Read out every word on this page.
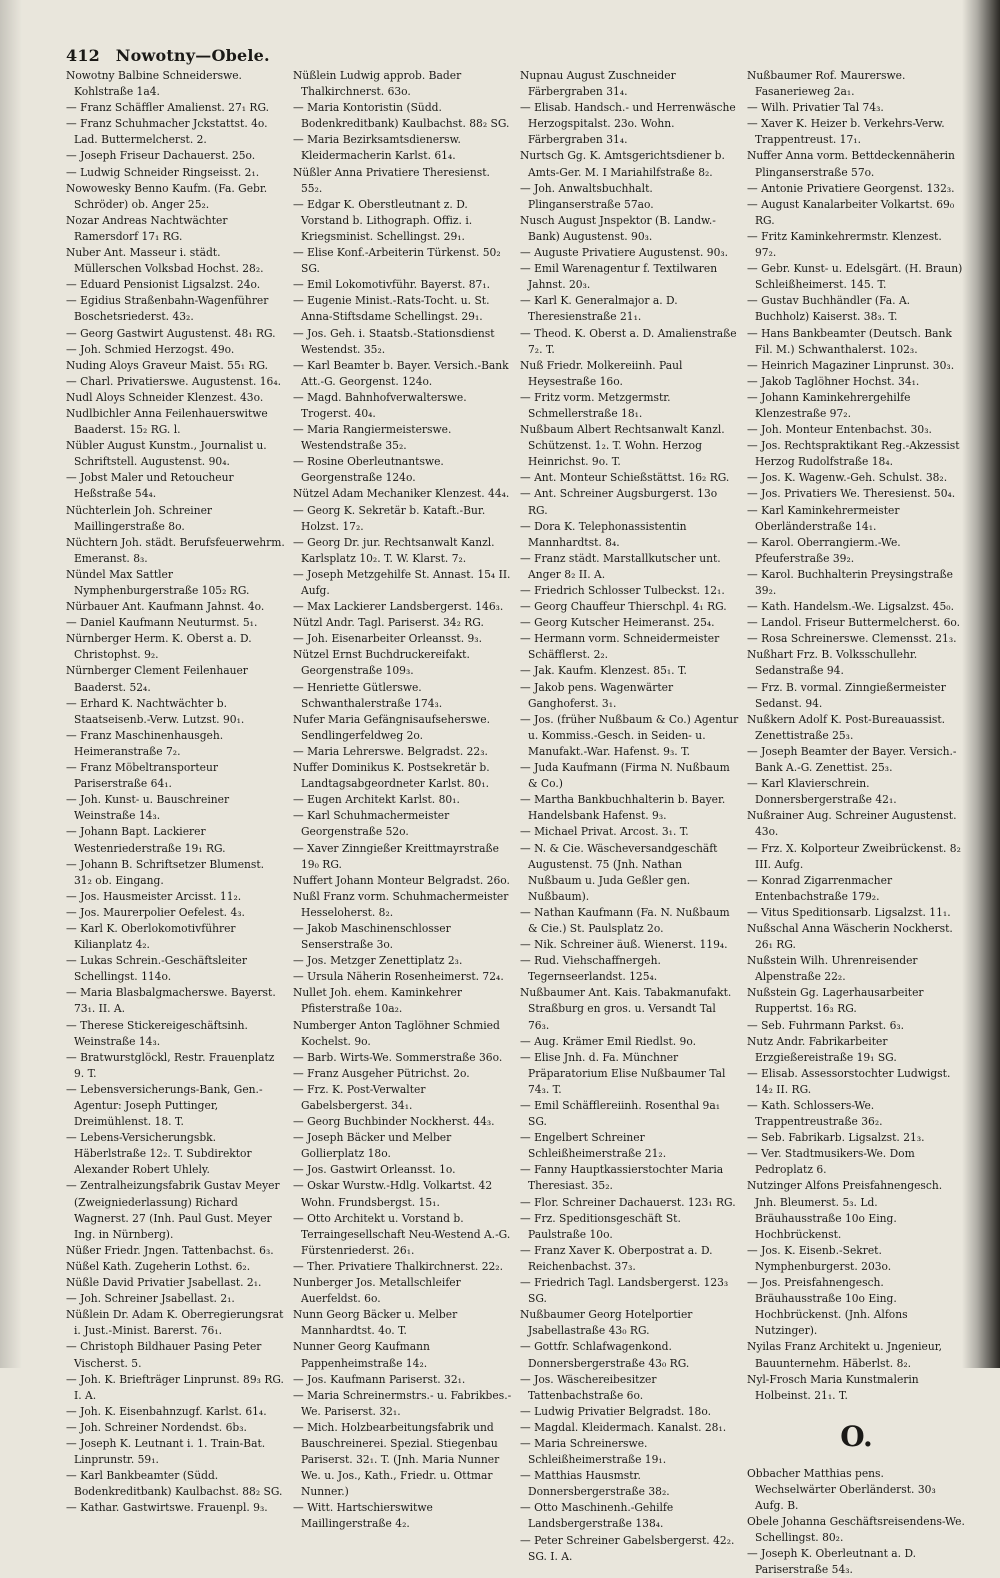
412 Nowotny—Obele.

Nowotny Balbine Schneiderswe. Kohlstraße 1a4.

— Franz Schäffler Amalienst. 27₁ RG.

— Franz Schuhmacher Jckstattst. 4o. Lad. Buttermelcherst. 2.

— Joseph Friseur Dachauerst. 25o.

— Ludwig Schneider Ringseisst. 2₁.

Nowowesky Benno Kaufm. (Fa. Gebr. Schröder) ob. Anger 25₂.

Nozar Andreas Nachtwächter Ramersdorf 17₁ RG.

Nuber Ant. Masseur i. städt. Müllerschen Volksbad Hochst. 28₂.

— Eduard Pensionist Ligsalzst. 24o.

— Egidius Straßenbahn-Wagenführer Boschetsriederst. 43₂.

— Georg Gastwirt Augustenst. 48₁ RG.

— Joh. Schmied Herzogst. 49o.

Nuding Aloys Graveur Maist. 55₁ RG.

— Charl. Privatierswe. Augustenst. 16₄.

Nudl Aloys Schneider Klenzest. 43o.

Nudlbichler Anna Feilenhauerswitwe Baaderst. 15₂ RG. l.

Nübler August Kunstm., Journalist u. Schriftstell. Augustenst. 90₄.

— Jobst Maler und Retoucheur Heßstraße 54₄.

Nüchterlein Joh. Schreiner Maillingerstraße 8o.

Nüchtern Joh. städt. Berufsfeuerwehrm. Emeranst. 8₃.

Nündel Max Sattler Nymphenburgerstraße 105₂ RG.

Nürbauer Ant. Kaufmann Jahnst. 4o.

— Daniel Kaufmann Neuturmst. 5₁.

Nürnberger Herm. K. Oberst a. D. Christophst. 9₂.

Nürnberger Clement Feilenhauer Baaderst. 52₄.

— Erhard K. Nachtwächter b. Staatseisenb.-Verw. Lutzst. 90₁.

— Franz Maschinenhausgeh. Heimeranstraße 7₂.

— Franz Möbeltransporteur Pariserstraße 64₁.

— Joh. Kunst- u. Bauschreiner Weinstraße 14₃.

— Johann Bapt. Lackierer Westenriederstraße 19₁ RG.

— Johann B. Schriftsetzer Blumenst. 31₂ ob. Eingang.

— Jos. Hausmeister Arcisst. 11₂.

— Jos. Maurerpolier Oefelest. 4₃.

— Karl K. Oberlokomotivführer Kilianplatz 4₂.

— Lukas Schrein.-Geschäftsleiter Schellingst. 114o.

— Maria Blasbalgmacherswe. Bayerst. 73₁. II. A.

— Therese Stickereigeschäftsinh. Weinstraße 14₃.

— Bratwurstglöckl, Restr. Frauenplatz 9. T.

— Lebensversicherungs-Bank, Gen.-Agentur: Joseph Puttinger, Dreimühlenst. 18. T.

— Lebens-Versicherungsbk. Häberlstraße 12₂. T. Subdirektor Alexander Robert Uhlely.

— Zentralheizungsfabrik Gustav Meyer (Zweigniederlassung) Richard Wagnerst. 27 (Inh. Paul Gust. Meyer Ing. in Nürnberg).

Nüßer Friedr. Jngen. Tattenbachst. 6₃.

Nüßel Kath. Zugeherin Lothst. 6₂.

Nüßle David Privatier Jsabellast. 2₁.

— Joh. Schreiner Jsabellast. 2₁.

Nüßlein Dr. Adam K. Oberregierungsrat i. Just.-Minist. Barerst. 76₁.

— Christoph Bildhauer Pasing Peter Vischerst. 5.

— Joh. K. Briefträger Linprunst. 89₃ RG. I. A.

— Joh. K. Eisenbahnzugf. Karlst. 61₄.

— Joh. Schreiner Nordendst. 6b₃.

— Joseph K. Leutnant i. 1. Train-Bat. Linprunstr. 59₁.

— Karl Bankbeamter (Südd. Bodenkreditbank) Kaulbachst. 88₂ SG.

— Kathar. Gastwirtswe. Frauenpl. 9₃.

Nüßlein Ludwig approb. Bader Thalkirchnerst. 63o.

— Maria Kontoristin (Südd. Bodenkreditbank) Kaulbachst. 88₂ SG.

— Maria Bezirksamtsdienersw. Kleidermacherin Karlst. 61₄.

Nüßler Anna Privatiere Theresienst. 55₂.

— Edgar K. Oberstleutnant z. D. Vorstand b. Lithograph. Offiz. i. Kriegsminist. Schellingst. 29₁.

— Elise Konf.-Arbeiterin Türkenst. 50₂ SG.

— Emil Lokomotivführ. Bayerst. 87₁.

— Eugenie Minist.-Rats-Tocht. u. St. Anna-Stiftsdame Schellingst. 29₁.

— Jos. Geh. i. Staatsb.-Stationsdienst Westendst. 35₂.

— Karl Beamter b. Bayer. Versich.-Bank Att.-G. Georgenst. 124o.

— Magd. Bahnhofverwalterswe. Trogerst. 40₄.

— Maria Rangiermeisterswe. Westendstraße 35₂.

— Rosine Oberleutnantswe. Georgenstraße 124o.

Nützel Adam Mechaniker Klenzest. 44₄.

— Georg K. Sekretär b. Kataft.-Bur. Holzst. 17₂.

— Georg Dr. jur. Rechtsanwalt Kanzl. Karlsplatz 10₂. T. W. Klarst. 7₂.

— Joseph Metzgehilfe St. Annast. 15₄ II. Aufg.

— Max Lackierer Landsbergerst. 146₃.

Nützl Andr. Tagl. Pariserst. 34₂ RG.

— Joh. Eisenarbeiter Orleansst. 9₃.

Nützel Ernst Buchdruckereifakt. Georgenstraße 109₃.

— Henriette Gütlerswe. Schwanthalerstraße 174₃.

Nufer Maria Gefängnisaufseherswe. Sendlingerfeldweg 2o.

— Maria Lehrerswe. Belgradst. 22₃.

Nuffer Dominikus K. Postsekretär b. Landtagsabgeordneter Karlst. 80₁.

— Eugen Architekt Karlst. 80₁.

— Karl Schuhmachermeister Georgenstraße 52o.

— Xaver Zinngießer Kreittmayrstraße 19₀ RG.

Nuffert Johann Monteur Belgradst. 26o.

Nußl Franz vorm. Schuhmachermeister Hesseloherst. 8₂.

— Jakob Maschinenschlosser Senserstraße 3o.

— Jos. Metzger Zenettiplatz 2₃.

— Ursula Näherin Rosenheimerst. 72₄.

Nullet Joh. ehem. Kaminkehrer Pfisterstraße 10a₂.

Numberger Anton Taglöhner Schmied Kochelst. 9o.

— Barb. Wirts-We. Sommerstraße 36o.

— Franz Ausgeher Pütrichst. 2o.

— Frz. K. Post-Verwalter Gabelsbergerst. 34₁.

— Georg Buchbinder Nockherst. 44₃.

— Joseph Bäcker und Melber Gollierplatz 18o.

— Jos. Gastwirt Orleansst. 1o.

— Oskar Wurstw.-Hdlg. Volkartst. 42 Wohn. Frundsbergst. 15₁.

— Otto Architekt u. Vorstand b. Terraingesellschaft Neu-Westend A.-G. Fürstenriederst. 26₁.

— Ther. Privatiere Thalkirchnerst. 22₂.

Nunberger Jos. Metallschleifer Auerfeldst. 6o.

Nunn Georg Bäcker u. Melber Mannhardtst. 4o. T.

Nunner Georg Kaufmann Pappenheimstraße 14₂.

— Jos. Kaufmann Pariserst. 32₁.

— Maria Schreinermstrs.- u. Fabrikbes.-We. Pariserst. 32₁.

— Mich. Holzbearbeitungsfabrik und Bauschreinerei. Spezial. Stiegenbau Pariserst. 32₁. T. (Jnh. Maria Nunner We. u. Jos., Kath., Friedr. u. Ottmar Nunner.)

— Witt. Hartschierswitwe Maillingerstraße 4₂.

Nupnau August Zuschneider Färbergraben 31₄.

— Elisab. Handsch.- und Herrenwäsche Herzogspitalst. 23o. Wohn. Färbergraben 31₄.

Nurtsch Gg. K. Amtsgerichtsdiener b. Amts-Ger. M. I Mariahilfstraße 8₂.

— Joh. Anwaltsbuchhalt. Plinganserstraße 57ao.

Nusch August Jnspektor (B. Landw.-Bank) Augustenst. 90₃.

— Auguste Privatiere Augustenst. 90₃.

— Emil Warenagentur f. Textilwaren Jahnst. 20₃.

— Karl K. Generalmajor a. D. Theresienstraße 21₁.

— Theod. K. Oberst a. D. Amalienstraße 7₂. T.

Nuß Friedr. Molkereiinh. Paul Heysestraße 16o.

— Fritz vorm. Metzgermstr. Schmellerstraße 18₁.

Nußbaum Albert Rechtsanwalt Kanzl. Schützenst. 1₂. T. Wohn. Herzog Heinrichst. 9o. T.

— Ant. Monteur Schießstättst. 16₂ RG.

— Ant. Schreiner Augsburgerst. 13o RG.

— Dora K. Telephonassistentin Mannhardtst. 8₄.

— Franz städt. Marstallkutscher unt. Anger 8₂ II. A.

— Friedrich Schlosser Tulbeckst. 12₁.

— Georg Chauffeur Thierschpl. 4₁ RG.

— Georg Kutscher Heimeranst. 25₄.

— Hermann vorm. Schneidermeister Schäfflerst. 2₂.

— Jak. Kaufm. Klenzest. 85₁. T.

— Jakob pens. Wagenwärter Ganghoferst. 3₁.

— Jos. (früher Nußbaum & Co.) Agentur u. Kommiss.-Gesch. in Seiden- u. Manufakt.-War. Hafenst. 9₃. T.

— Juda Kaufmann (Firma N. Nußbaum & Co.)

— Martha Bankbuchhalterin b. Bayer. Handelsbank Hafenst. 9₃.

— Michael Privat. Arcost. 3₁. T.

— N. & Cie. Wäscheversandgeschäft Augustenst. 75 (Jnh. Nathan Nußbaum u. Juda Geßler gen. Nußbaum).

— Nathan Kaufmann (Fa. N. Nußbaum & Cie.) St. Paulsplatz 2o.

— Nik. Schreiner äuß. Wienerst. 119₄.

— Rud. Viehschaffnergeh. Tegernseerlandst. 125₄.

Nußbaumer Ant. Kais. Tabakmanufakt. Straßburg en gros. u. Versandt Tal 76₃.

— Aug. Krämer Emil Riedlst. 9o.

— Elise Jnh. d. Fa. Münchner Präparatorium Elise Nußbaumer Tal 74₃. T.

— Emil Schäfflereiinh. Rosenthal 9a₁ SG.

— Engelbert Schreiner Schleißheimerstraße 21₂.

— Fanny Hauptkassierstochter Maria Theresiast. 35₂.

— Flor. Schreiner Dachauerst. 123₁ RG.

— Frz. Speditionsgeschäft St. Paulstraße 10o.

— Franz Xaver K. Oberpostrat a. D. Reichenbachst. 37₃.

— Friedrich Tagl. Landsbergerst. 123₃ SG.

Nußbaumer Georg Hotelportier Jsabellastraße 43₀ RG.

— Gottfr. Schlafwagenkond. Donnersbergerstraße 43₀ RG.

— Jos. Wäschereibesitzer Tattenbachstraße 6o.

— Ludwig Privatier Belgradst. 18o.

— Magdal. Kleidermach. Kanalst. 28₁.

— Maria Schreinerswe. Schleißheimerstraße 19₁.

— Matthias Hausmstr. Donnersbergerstraße 38₂.

— Otto Maschinenh.-Gehilfe Landsbergerstraße 138₄.

— Peter Schreiner Gabelsbergerst. 42₂. SG. I. A.

Nußbaumer Rof. Maurerswe. Fasanerieweg 2a₁.

— Wilh. Privatier Tal 74₃.

— Xaver K. Heizer b. Verkehrs-Verw. Trappentreust. 17₁.

Nuffer Anna vorm. Bettdeckennäherin Plinganserstraße 57o.

— Antonie Privatiere Georgenst. 132₃.

— August Kanalarbeiter Volkartst. 69₀ RG.

— Fritz Kaminkehrermstr. Klenzest. 97₂.

— Gebr. Kunst- u. Edelsgärt. (H. Braun) Schleißheimerst. 145. T.

— Gustav Buchhändler (Fa. A. Buchholz) Kaiserst. 38₃. T.

— Hans Bankbeamter (Deutsch. Bank Fil. M.) Schwanthalerst. 102₃.

— Heinrich Magaziner Linprunst. 30₃.

— Jakob Taglöhner Hochst. 34₁.

— Johann Kaminkehrergehilfe Klenzestraße 97₂.

— Joh. Monteur Entenbachst. 30₃.

— Jos. Rechtspraktikant Reg.-Akzessist Herzog Rudolfstraße 18₄.

— Jos. K. Wagenw.-Geh. Schulst. 38₂.

— Jos. Privatiers We. Theresienst. 50₄.

— Karl Kaminkehrermeister Oberländerstraße 14₁.

— Karol. Oberrangierm.-We. Pfeuferstraße 39₂.

— Karol. Buchhalterin Preysingstraße 39₂.

— Kath. Handelsm.-We. Ligsalzst. 45₀.

— Landol. Friseur Buttermelcherst. 6o.

— Rosa Schreinerswe. Clemensst. 21₃.

Nußhart Frz. B. Volksschullehr. Sedanstraße 94.

— Frz. B. vormal. Zinngießermeister Sedanst. 94.

Nußkern Adolf K. Post-Bureauassist. Zenettistraße 25₃.

— Joseph Beamter der Bayer. Versich.-Bank A.-G. Zenettist. 25₃.

— Karl Klavierschrein. Donnersbergerstraße 42₁.

Nußrainer Aug. Schreiner Augustenst. 43o.

— Frz. X. Kolporteur Zweibrückenst. 8₂ III. Aufg.

— Konrad Zigarrenmacher Entenbachstraße 179₂.

— Vitus Speditionsarb. Ligsalzst. 11₁.

Nußschal Anna Wäscherin Nockherst. 26₁ RG.

Nußstein Wilh. Uhrenreisender Alpenstraße 22₂.

Nußstein Gg. Lagerhausarbeiter Ruppertst. 16₃ RG.

— Seb. Fuhrmann Parkst. 6₃.

Nutz Andr. Fabrikarbeiter Erzgießereistraße 19₁ SG.

— Elisab. Assessorstochter Ludwigst. 14₂ II. RG.

— Kath. Schlossers-We. Trappentreustraße 36₂.

— Seb. Fabrikarb. Ligsalzst. 21₃.

— Ver. Stadtmusikers-We. Dom Pedroplatz 6.

Nutzinger Alfons Preisfahnengesch. Jnh. Bleumerst. 5₃. Ld. Bräuhausstraße 10o Eing. Hochbrückenst.

— Jos. K. Eisenb.-Sekret. Nymphenburgerst. 203o.

— Jos. Preisfahnengesch. Bräuhausstraße 10o Eing. Hochbrückenst. (Jnh. Alfons Nutzinger).

Nyilas Franz Architekt u. Jngenieur, Bauunternehm. Häberlst. 8₂.

Nyl-Frosch Maria Kunstmalerin Holbeinst. 21₁. T.

O.

Obbacher Matthias pens. Wechselwärter Oberländerst. 30₃ Aufg. B.

Obele Johanna Geschäftsreisendens-We. Schellingst. 80₂.

— Joseph K. Oberleutnant a. D. Pariserstraße 54₃.
